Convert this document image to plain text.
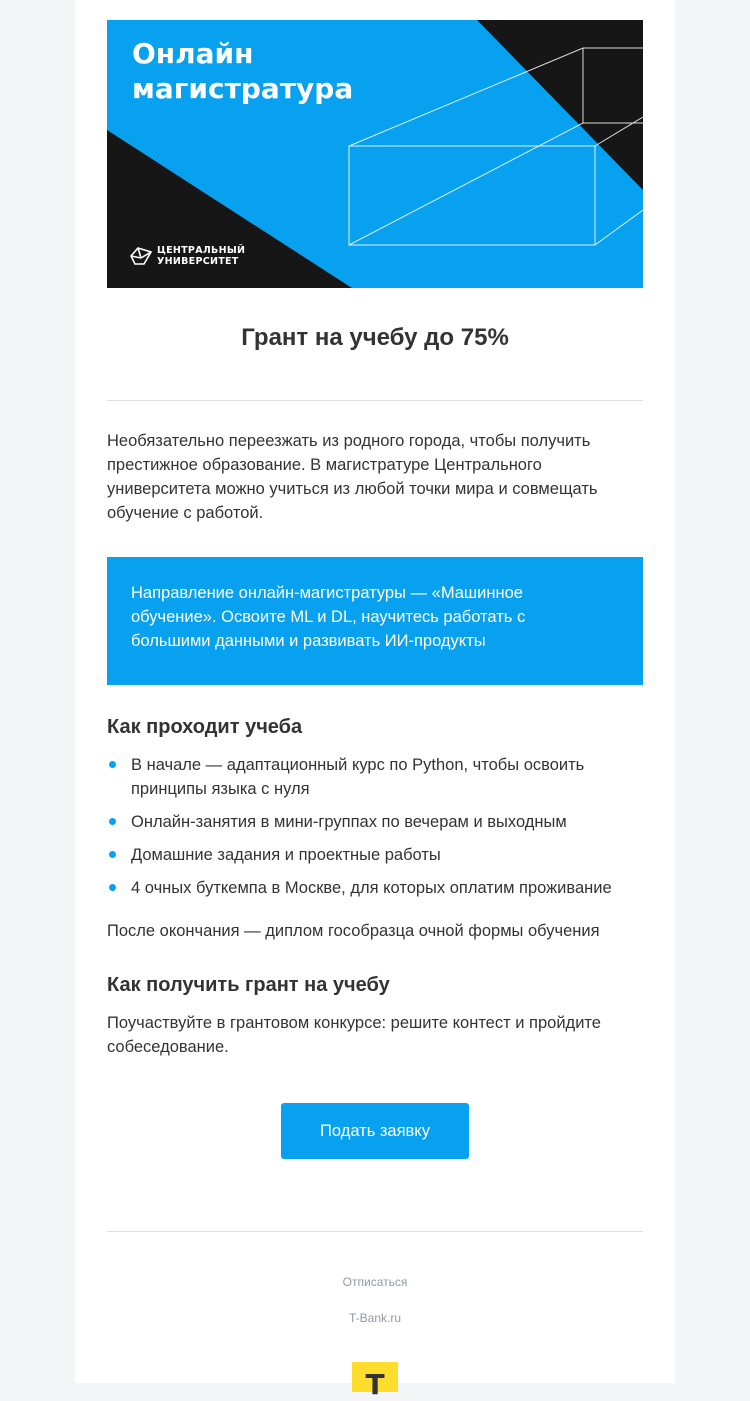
Онлайн магистратура
ЦЕНТРАЛЬНЫЙ
УНИВЕРСИТЕТ
Грант на учебу до 75%

Необязательно переезжать из родного города, чтобы получить престижное образование. В магистратуре Центрального университета можно учиться из любой точки мира и совмещать обучение с работой.

Направление онлайн-магистратуры — «Машинное обучение». Освоите ML и DL, научитесь работать с большими данными и развивать ИИ-продукты

Как проходит учеба
В начале — адаптационный курс по Python, чтобы освоить принципы языка с нуля
Онлайн-занятия в мини-группах по вечерам и выходным
Домашние задания и проектные работы
4 очных буткемпа в Москве, для которых оплатим проживание

После окончания — диплом гособразца очной формы обучения

Как получить грант на учебу

Поучаствуйте в грантовом конкурсе: решите контест и пройдите собеседование.

Подать заявку
Отписаться
T-Bank.ru
Т
